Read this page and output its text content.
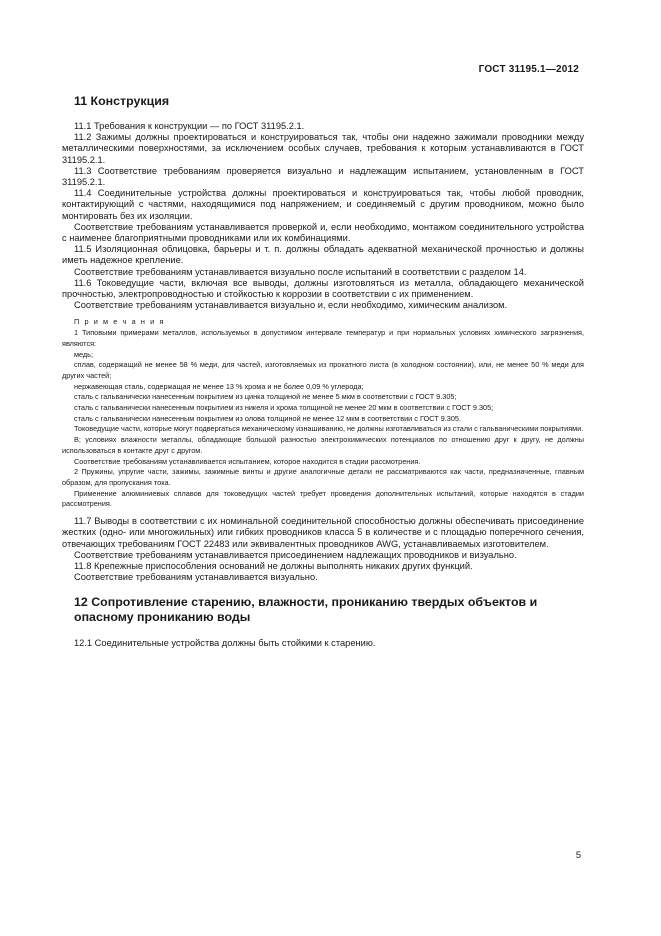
ГОСТ 31195.1—2012
11 Конструкция

11.1 Требования к конструкции — по ГОСТ 31195.2.1.

11.2 Зажимы должны проектироваться и конструироваться так, чтобы они надежно зажимали проводники между металлическими поверхностями, за исключением особых случаев, требования к которым устанавливаются в ГОСТ 31195.2.1.

11.3 Соответствие требованиям проверяется визуально и надлежащим испытанием, установленным в ГОСТ 31195.2.1.

11.4 Соединительные устройства должны проектироваться и конструироваться так, чтобы любой проводник, контактирующий с частями, находящимися под напряжением, и соединяемый с другим проводником, можно было монтировать без их изоляции.

Соответствие требованиям устанавливается проверкой и, если необходимо, монтажом соединительного устройства с наименее благоприятными проводниками или их комбинациями.

11.5 Изоляционная облицовка, барьеры и т. п. должны обладать адекватной механической прочностью и должны иметь надежное крепление.

Соответствие требованиям устанавливается визуально после испытаний в соответствии с разделом 14.

11.6 Токоведущие части, включая все выводы, должны изготовляться из металла, обладающего механической прочностью, электропроводностью и стойкостью к коррозии в соответствии с их применением.

Соответствие требованиям устанавливается визуально и, если необходимо, химическим анализом.

П р и м е ч а н и я

1 Типовыми примерами металлов, используемых в допустимом интервале температур и при нормальных условиях химического загрязнения, являются:

медь;

сплав, содержащий не менее 58 % меди, для частей, изготовляемых из прокатного листа (в холодном состоянии), или, не менее 50 % меди для других частей;

нержавеющая сталь, содержащая не менее 13 % хрома и не более 0,09 % углерода;

сталь с гальванически нанесенным покрытием из цинка толщиной не менее 5 мкм в соответствии с ГОСТ 9.305;

сталь с гальванически нанесенным покрытием из никеля и хрома толщиной не менее 20 мкм в соответствии с ГОСТ 9.305;

сталь с гальванически нанесенным покрытием из олова толщиной не менее 12 мкм в соответствии с ГОСТ 9.305.

Токоведущие части, которые могут подвергаться механическому изнашиванию, не должны изготавливаться из стали с гальваническими покрытиями.

В; условиях влажности металлы, обладающие большой разностью электрохимических потенциалов по отношению друг к другу, не должны использоваться в контакте друг с другом.

Соответствие требованиям устанавливается испытанием, которое находится в стадии рассмотрения.

2 Пружины, упругие части, зажимы, зажимные винты и другие аналогичные детали не рассматриваются как части, предназначенные, главным образом, для пропускания тока.

Применение алюминиевых сплавов для токоведущих частей требует проведения дополнительных испытаний, которые находятся в стадии рассмотрения.

11.7 Выводы в соответствии с их номинальной соединительной способностью должны обеспечивать присоединение жестких (одно- или многожильных) или гибких проводников класса 5 в количестве и с площадью поперечного сечения, отвечающих требованиям ГОСТ 22483 или эквивалентных проводников AWG, устанавливаемых изготовителем.

Соответствие требованиям устанавливается присоединением надлежащих проводников и визуально.

11.8 Крепежные приспособления оснований не должны выполнять никаких других функций.

Соответствие требованиям устанавливается визуально.

12 Сопротивление старению, влажности, прониканию твердых объектов и опасному прониканию воды

12.1 Соединительные устройства должны быть стойкими к старению.

5
